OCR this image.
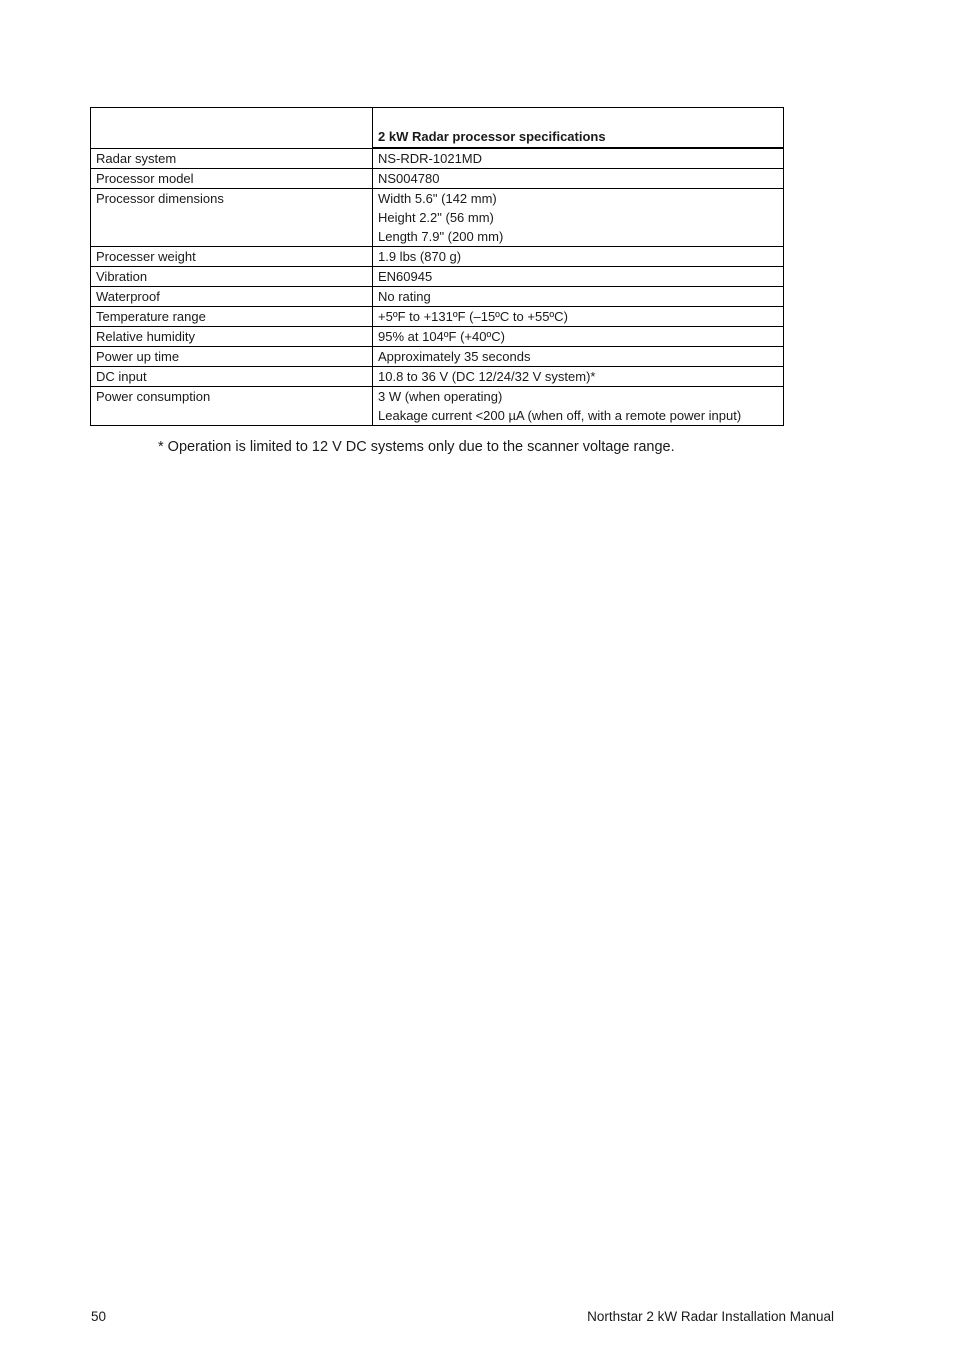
	2 kW Radar processor specifications
Radar system	NS-RDR-1021MD

Processor model	NS004780

Processor dimensions	Width 5.6" (142 mm)
Height 2.2" (56 mm)
Length 7.9" (200 mm)

Processer weight	1.9 lbs (870 g)

Vibration	EN60945

Waterproof	No rating

Temperature range	+5ºF to +131ºF (–15ºC to +55ºC)

Relative humidity	95% at 104ºF (+40ºC)

Power up time	Approximately 35 seconds

DC input	10.8 to 36 V (DC 12/24/32 V system)*

Power consumption	3 W (when operating)
Leakage current <200 µA (when off, with a remote power input)
* Operation is limited to 12 V DC systems only due to the scanner voltage range.
50	Northstar 2 kW Radar Installation Manual
